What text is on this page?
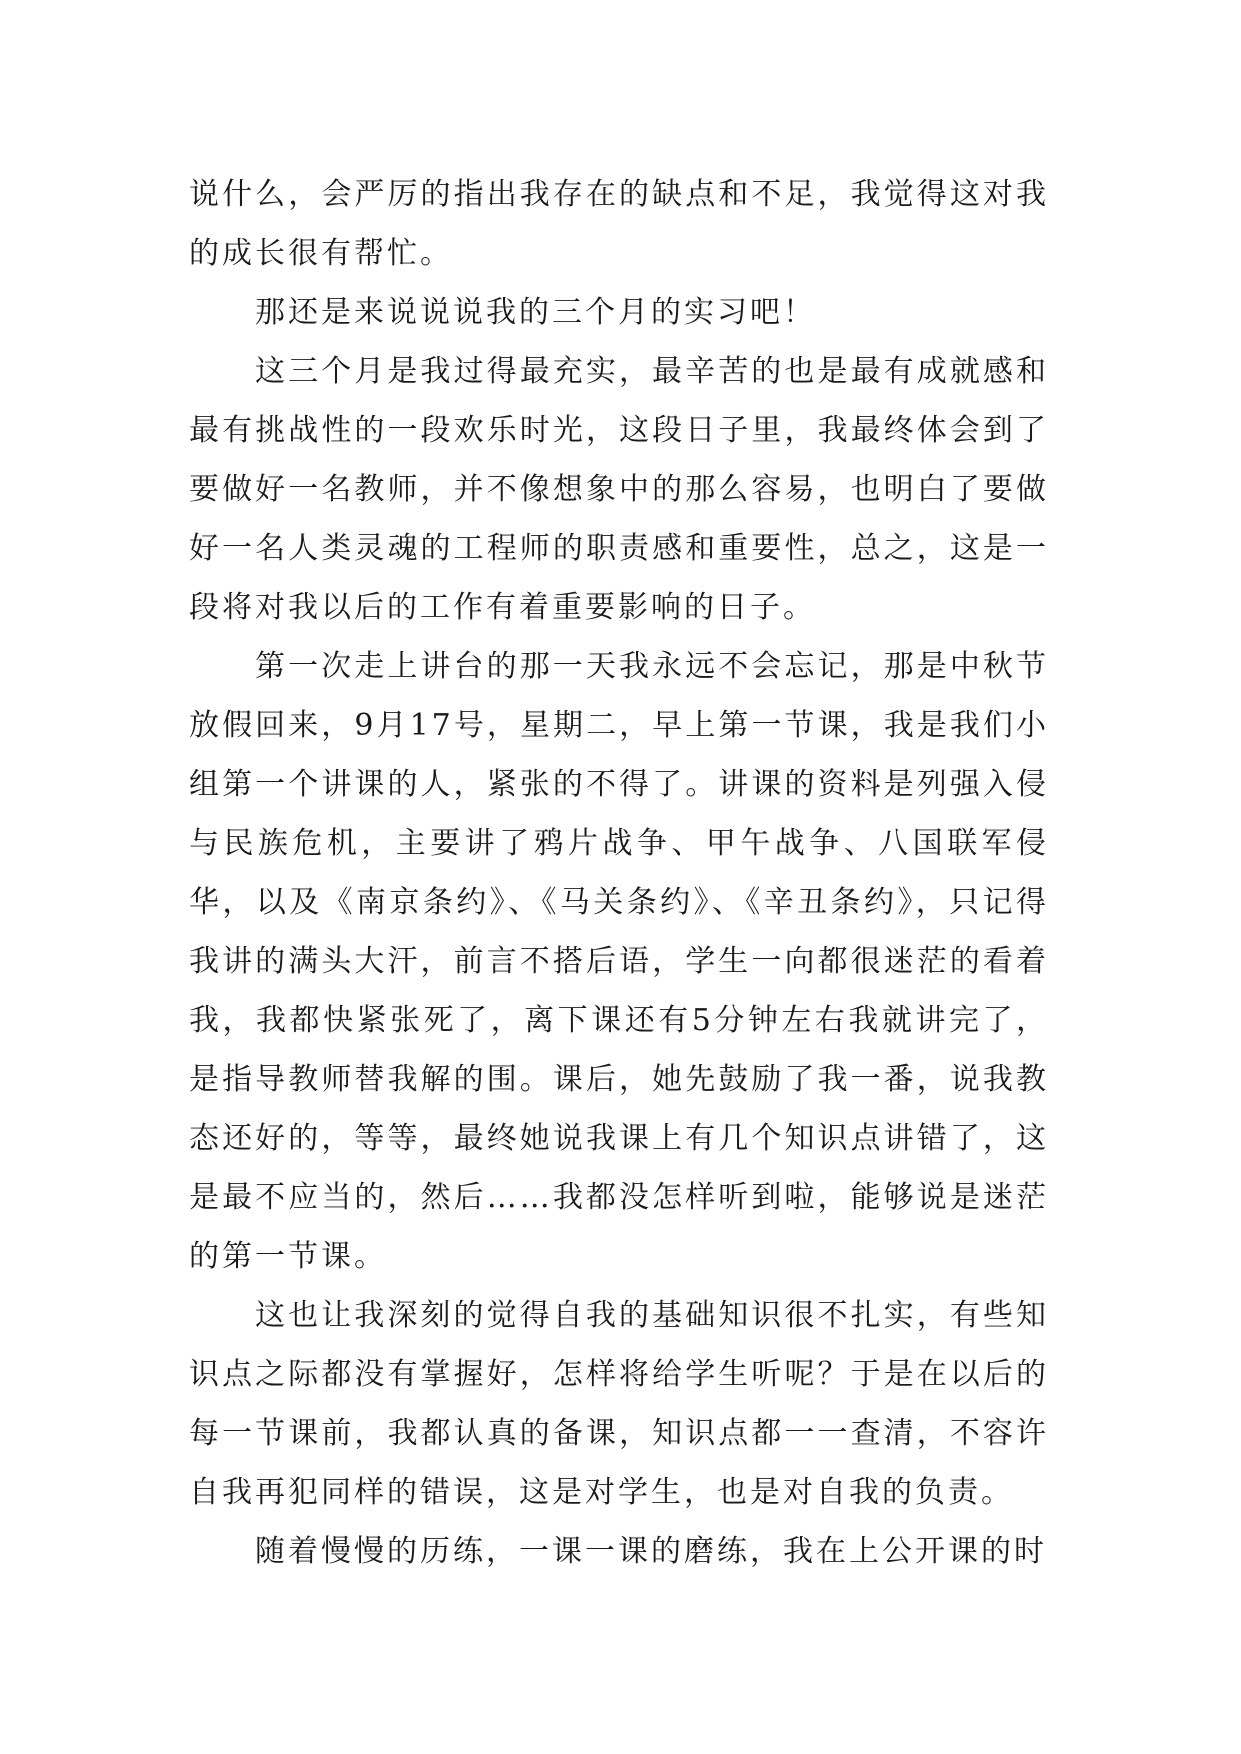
说什么，会严厉的指出我存在的缺点和不足，我觉得这对我的成长很有帮忙。

那还是来说说说我的三个月的实习吧！

这三个月是我过得最充实，最辛苦的也是最有成就感和最有挑战性的一段欢乐时光，这段日子里，我最终体会到了要做好一名教师，并不像想象中的那么容易，也明白了要做好一名人类灵魂的工程师的职责感和重要性，总之，这是一段将对我以后的工作有着重要影响的日子。

第一次走上讲台的那一天我永远不会忘记，那是中秋节放假回来，9月17号，星期二，早上第一节课，我是我们小组第一个讲课的人，紧张的不得了。讲课的资料是列强入侵与民族危机，主要讲了鸦片战争、甲午战争、八国联军侵华，以及《南京条约》、《马关条约》、《辛丑条约》，只记得我讲的满头大汗，前言不搭后语，学生一向都很迷茫的看着我，我都快紧张死了，离下课还有5分钟左右我就讲完了，是指导教师替我解的围。课后，她先鼓励了我一番，说我教态还好的，等等，最终她说我课上有几个知识点讲错了，这是最不应当的，然后……我都没怎样听到啦，能够说是迷茫的第一节课。

这也让我深刻的觉得自我的基础知识很不扎实，有些知识点之际都没有掌握好，怎样将给学生听呢？于是在以后的每一节课前，我都认真的备课，知识点都一一查清，不容许自我再犯同样的错误，这是对学生，也是对自我的负责。

随着慢慢的历练，一课一课的磨练，我在上公开课的时
